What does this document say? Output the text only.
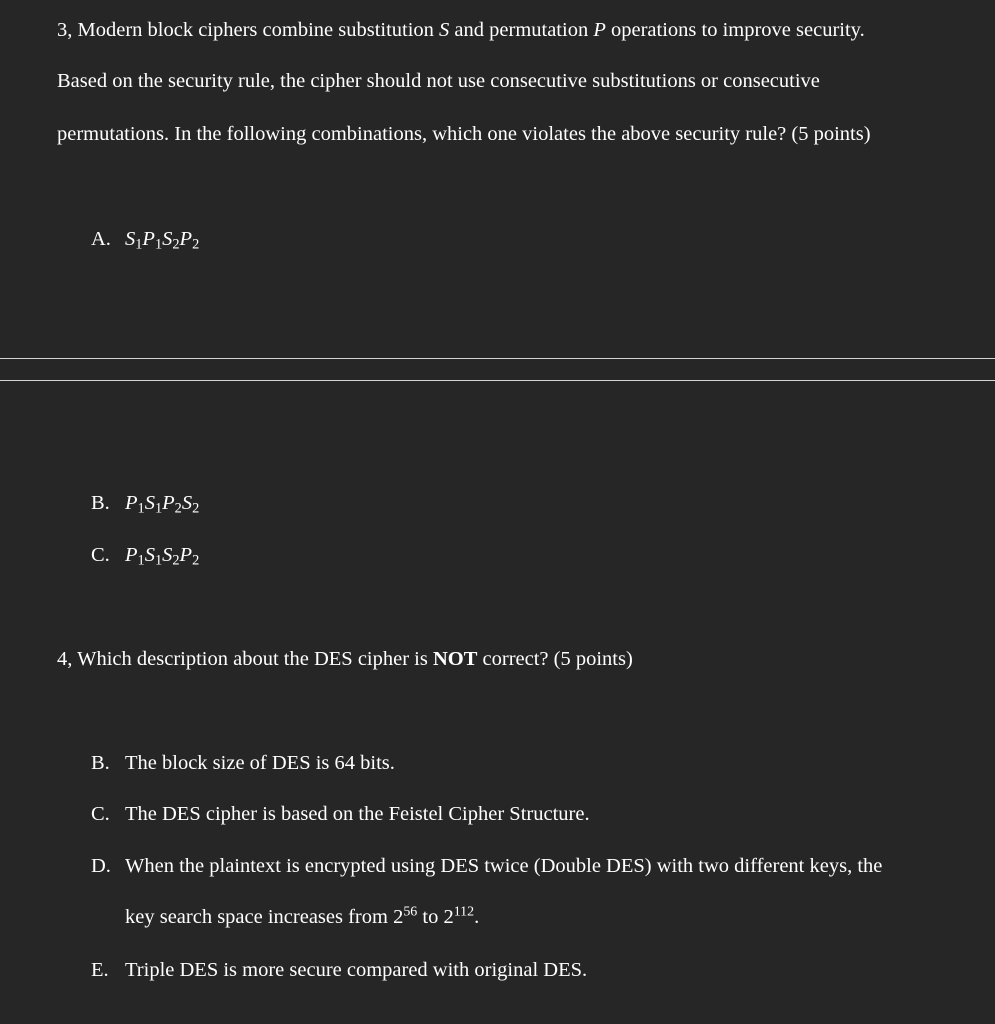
3, Modern block ciphers combine substitution S and permutation P operations to improve security.
Based on the security rule, the cipher should not use consecutive substitutions or consecutive
permutations. In the following combinations, which one violates the above security rule? (5 points)
A. $S_1P_1S_2P_2$
B. $P_1S_1P_2S_2$
C. $P_1S_1S_2P_2$
4, Which description about the DES cipher is NOT correct? (5 points)
B. The block size of DES is 64 bits.
C. The DES cipher is based on the Feistel Cipher Structure.
D. When the plaintext is encrypted using DES twice (Double DES) with two different keys, the
key search space increases from $2^{56}$ to $2^{112}$.
E. Triple DES is more secure compared with original DES.
